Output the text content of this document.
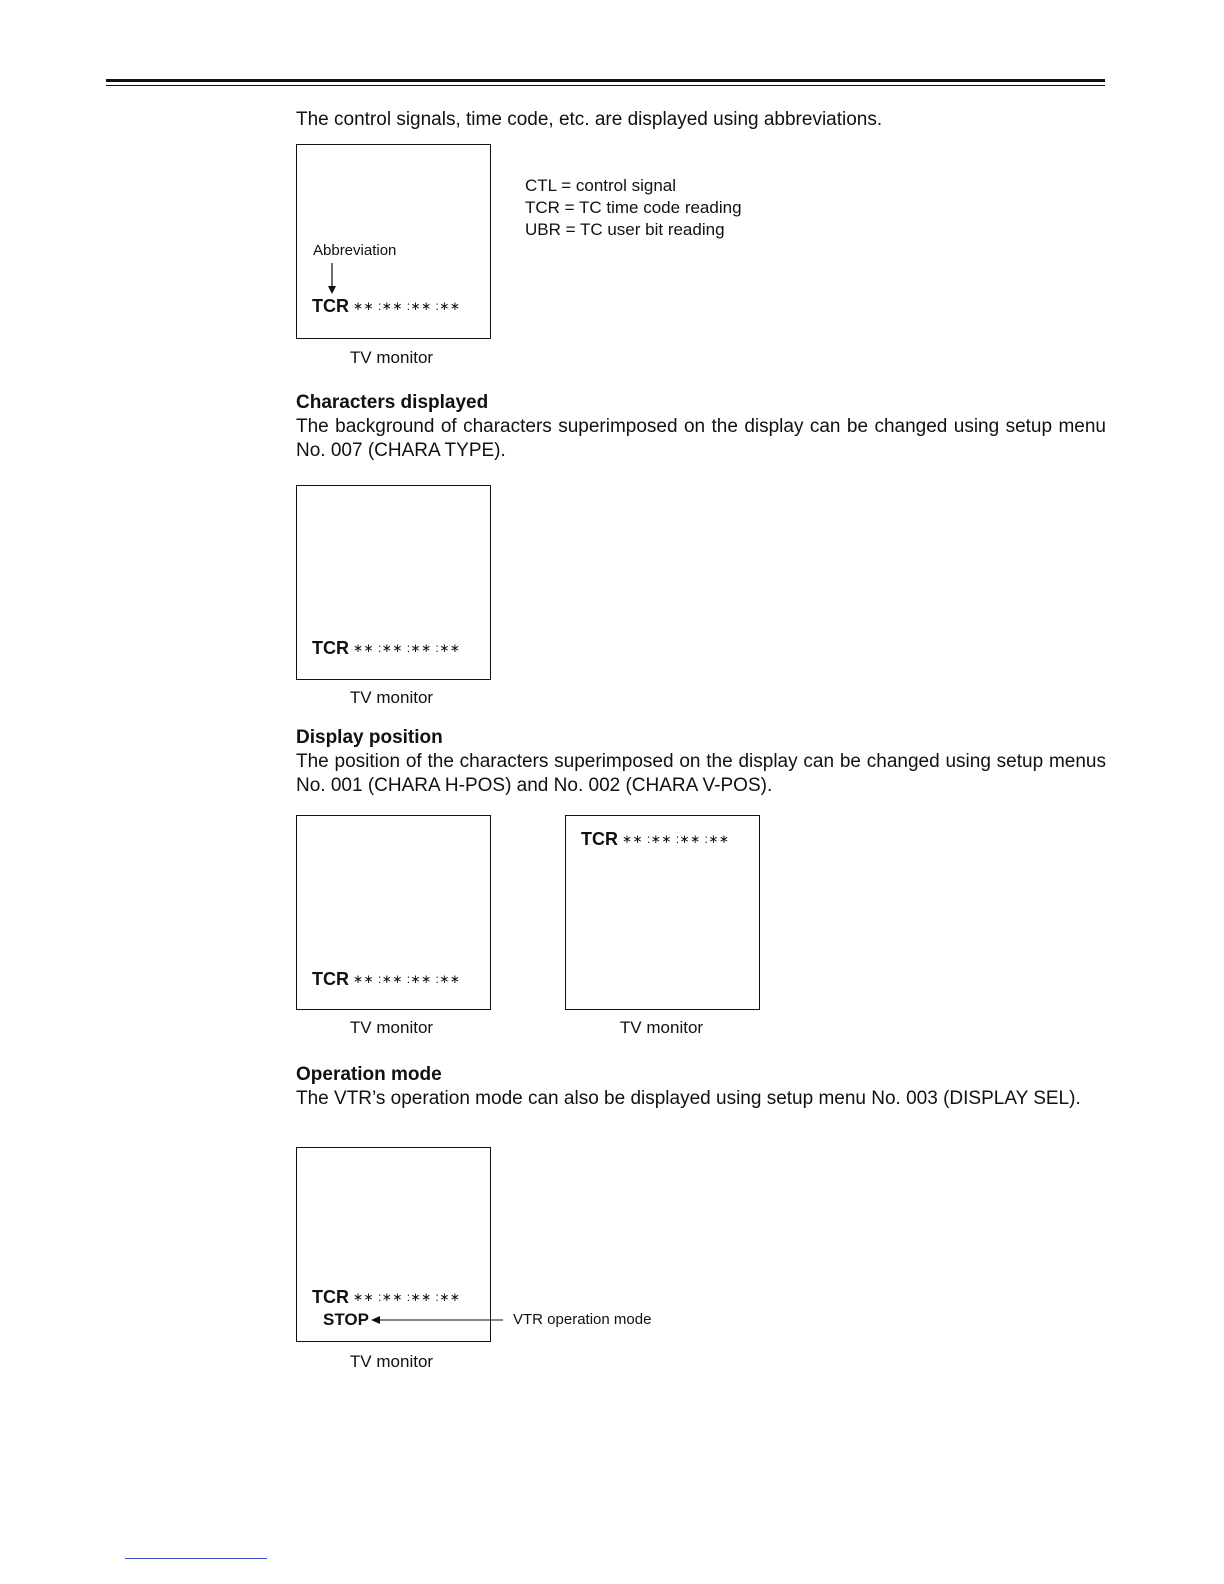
The control signals, time code, etc. are displayed using abbreviations.

Abbreviation
TCR ∗∗ :∗∗ :∗∗ :∗∗
TV monitor
CTL = control signal
TCR = TC time code reading
UBR = TC user bit reading
Characters displayed

The background of characters superimposed on the display can be changed using setup menu No. 007 (CHARA TYPE).

TCR ∗∗ :∗∗ :∗∗ :∗∗
TV monitor
Display position

The position of the characters superimposed on the display can be changed using setup menus No. 001 (CHARA H-POS) and No. 002 (CHARA V-POS).

TCR ∗∗ :∗∗ :∗∗ :∗∗
TV monitor
TCR ∗∗ :∗∗ :∗∗ :∗∗
TV monitor
Operation mode

The VTR’s operation mode can also be displayed using setup menu No. 003 (DISPLAY SEL).

TCR ∗∗ :∗∗ :∗∗ :∗∗
STOP	VTR operation mode
TV monitor
